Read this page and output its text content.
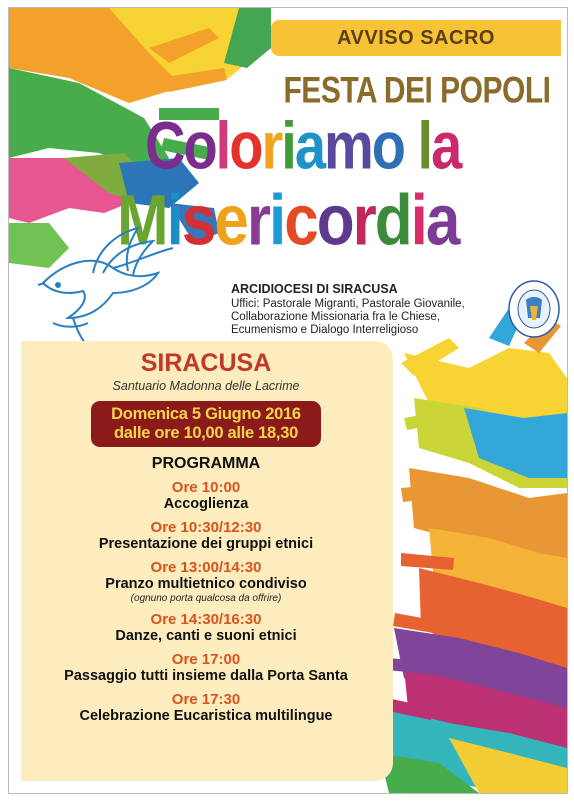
AVVISO SACRO
FESTA DEI POPOLI
Coloriamo la
Misericordia
ARCIDIOCESI DI SIRACUSA
Uffici: Pastorale Migranti, Pastorale Giovanile,
Collaborazione Missionaria fra le Chiese,
Ecumenismo e Dialogo Interreligioso
SIRACUSA
Santuario Madonna delle Lacrime
Domenica 5 Giugno 2016
dalle ore 10,00 alle 18,30
PROGRAMMA
Ore 10:00
Accoglienza
Ore 10:30/12:30
Presentazione dei gruppi etnici
Ore 13:00/14:30
Pranzo multietnico condiviso
(ognuno porta qualcosa da offrire)
Ore 14:30/16:30
Danze, canti e suoni etnici
Ore 17:00
Passaggio tutti insieme dalla Porta Santa
Ore 17:30
Celebrazione Eucaristica multilingue
